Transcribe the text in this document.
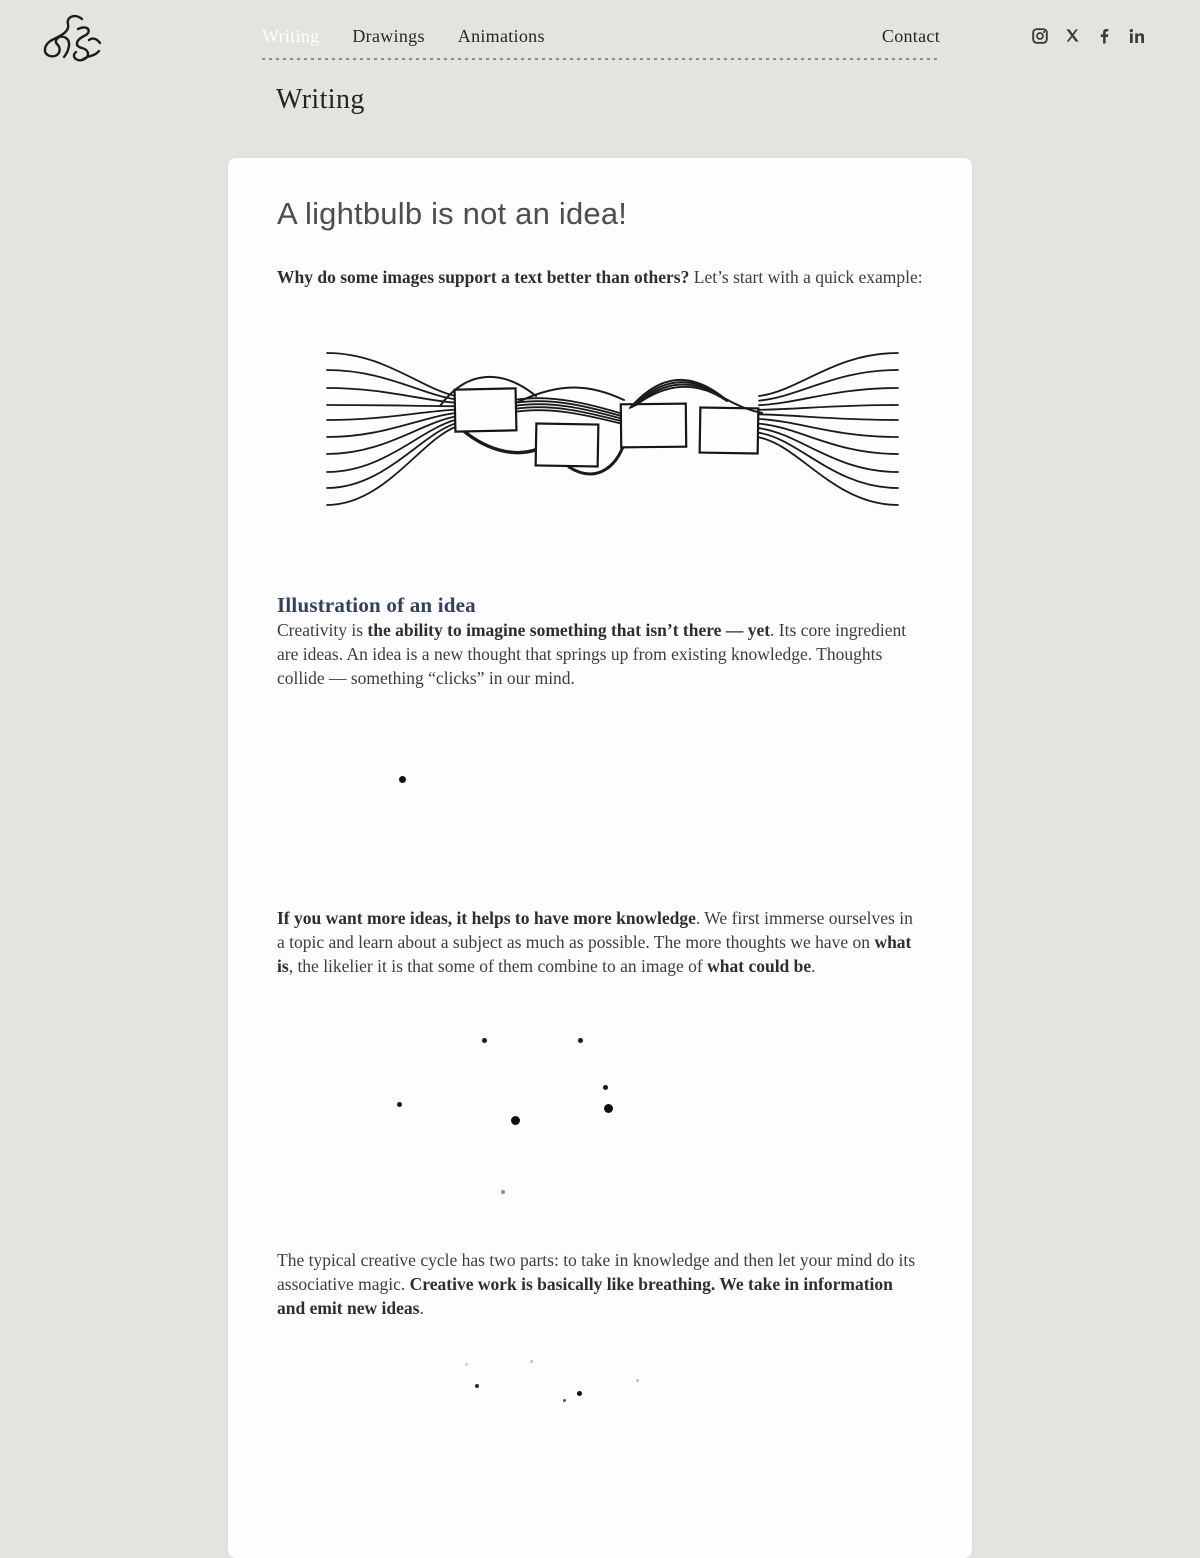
Writing Drawings Animations	Contact
Writing
A lightbulb is not an idea!

Why do some images support a text better than others? Let’s start with a quick example:

Illustration of an idea

Creativity is the ability to imagine something that isn’t there — yet. Its core ingredient are ideas. An idea is a new thought that springs up from existing knowledge. Thoughts collide — something “clicks” in our mind.

If you want more ideas, it helps to have more knowledge. We first immerse ourselves in a topic and learn about a subject as much as possible. The more thoughts we have on what is, the likelier it is that some of them combine to an image of what could be.

The typical creative cycle has two parts: to take in knowledge and then let your mind do its associative magic. Creative work is basically like breathing. We take in information and emit new ideas.
